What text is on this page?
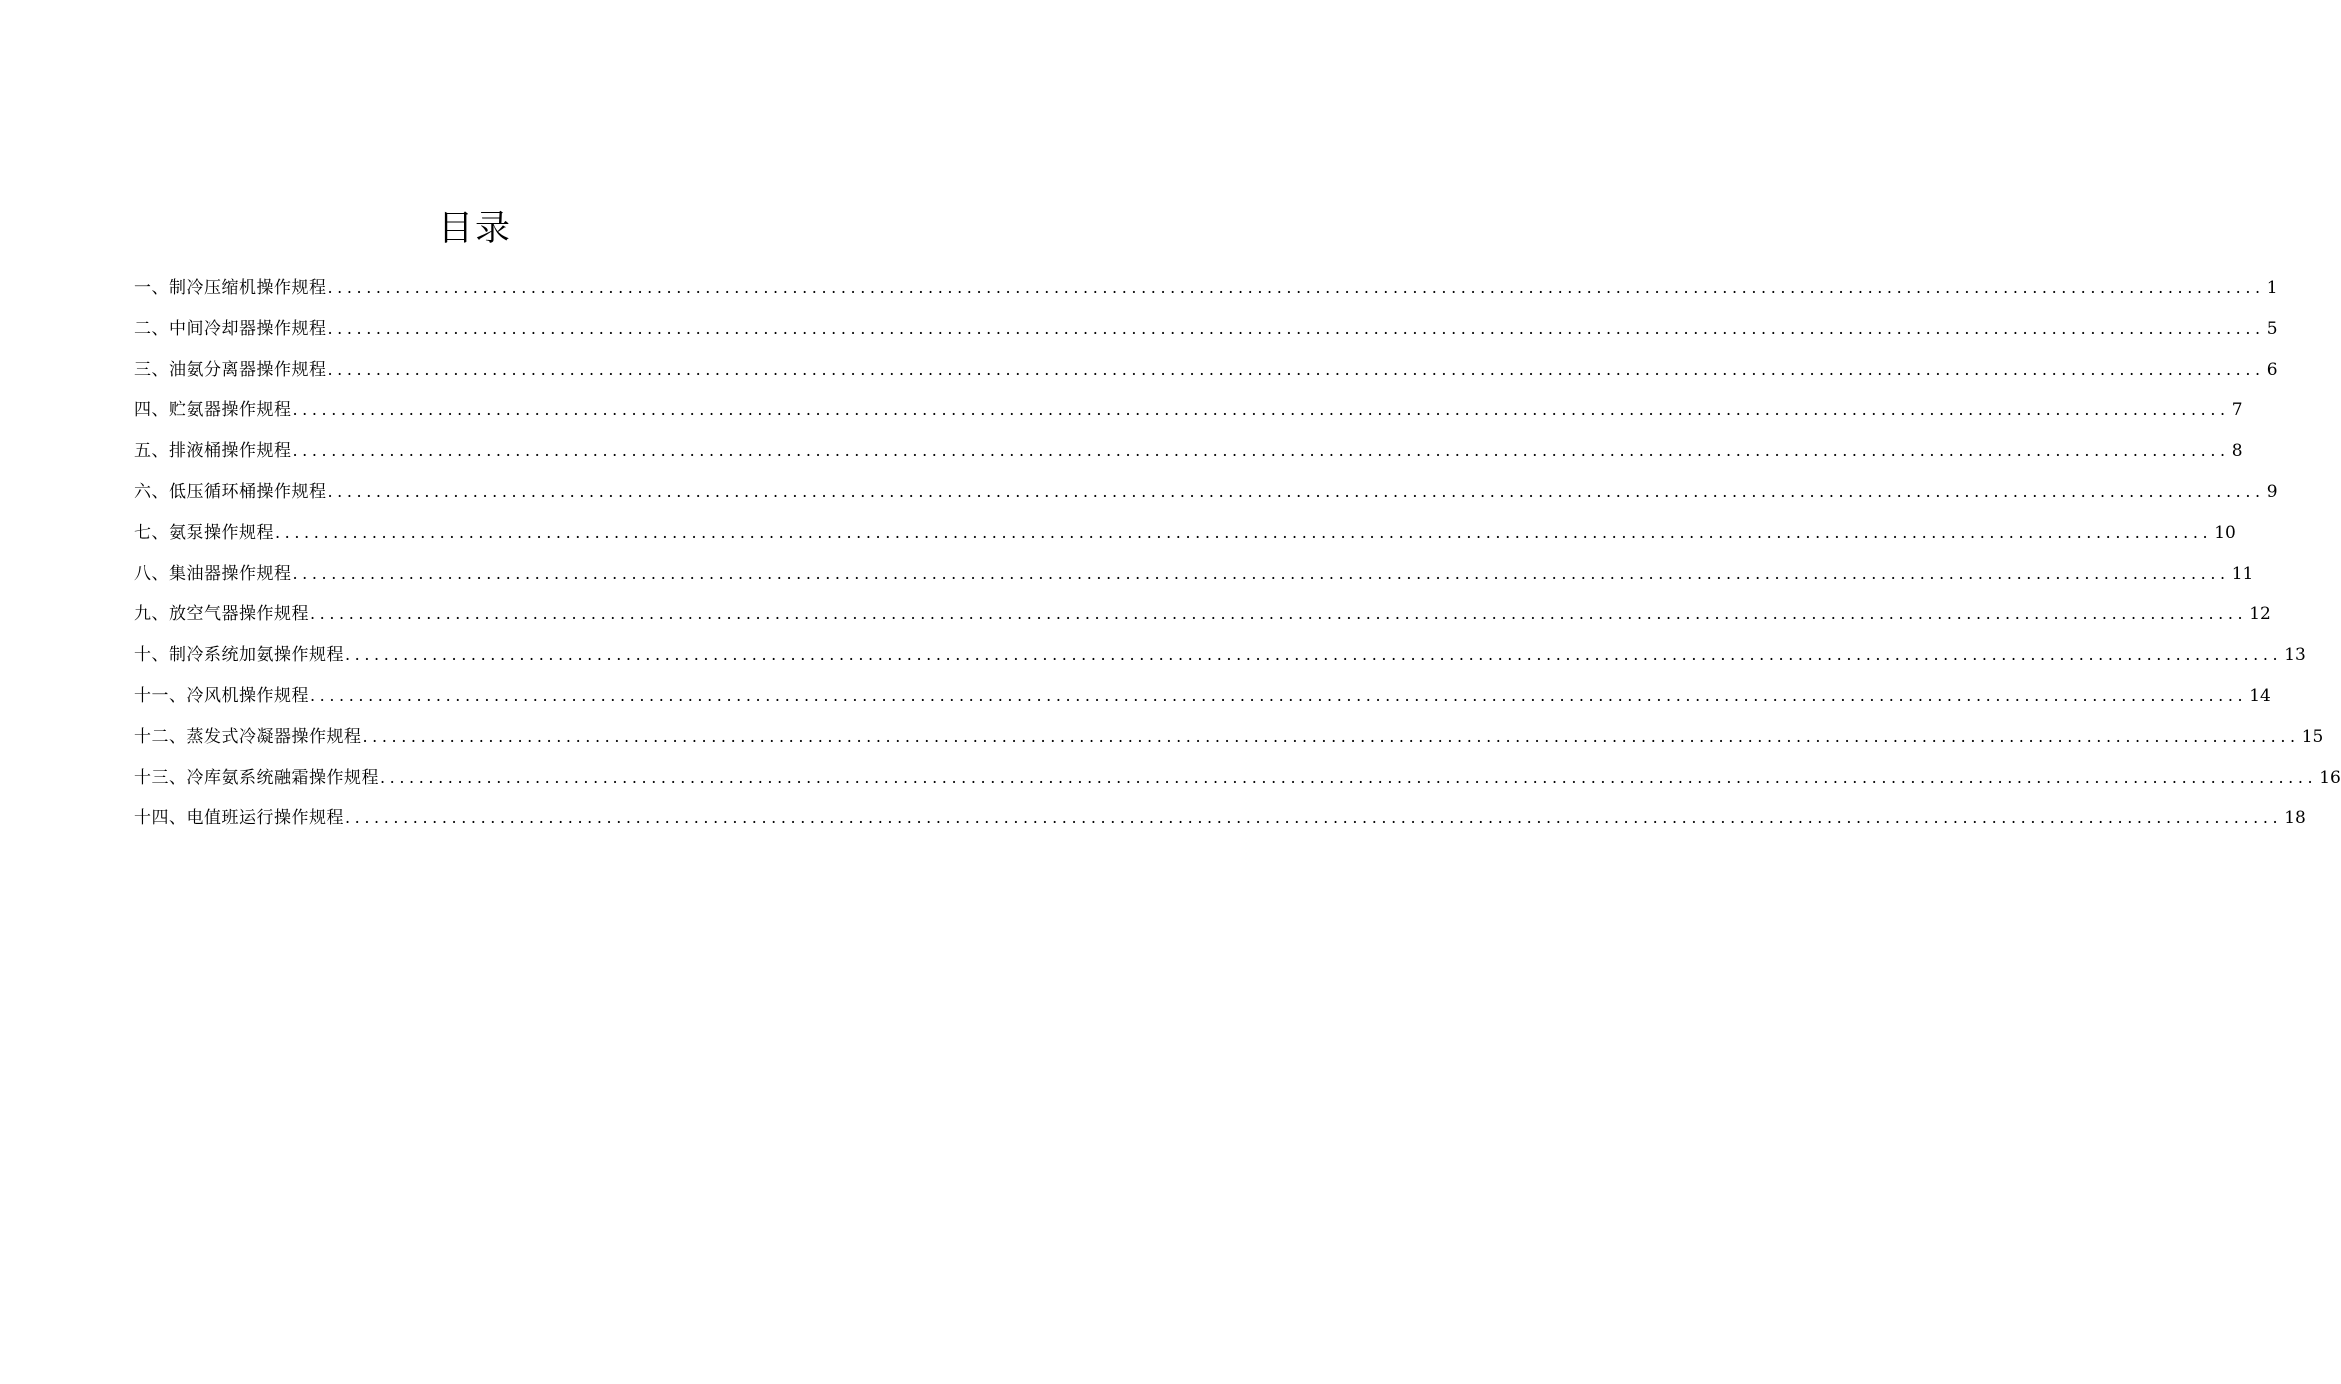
目录
一、制冷压缩机操作规程 ........................................................................................................................................................................................................ 1
二、中间冷却器操作规程 ........................................................................................................................................................................................................ 5
三、油氨分离器操作规程 ........................................................................................................................................................................................................ 6
四、贮氨器操作规程 ........................................................................................................................................................................................................ 7
五、排液桶操作规程 ........................................................................................................................................................................................................ 8
六、低压循环桶操作规程 ........................................................................................................................................................................................................ 9
七、氨泵操作规程 ........................................................................................................................................................................................................ 10
八、集油器操作规程 ........................................................................................................................................................................................................ 11
九、放空气器操作规程 ........................................................................................................................................................................................................ 12
十、制冷系统加氨操作规程 ........................................................................................................................................................................................................ 13
十一、冷风机操作规程 ........................................................................................................................................................................................................ 14
十二、蒸发式冷凝器操作规程 ........................................................................................................................................................................................................ 15
十三、冷库氨系统融霜操作规程 ........................................................................................................................................................................................................ 16
十四、电值班运行操作规程 ........................................................................................................................................................................................................ 18
